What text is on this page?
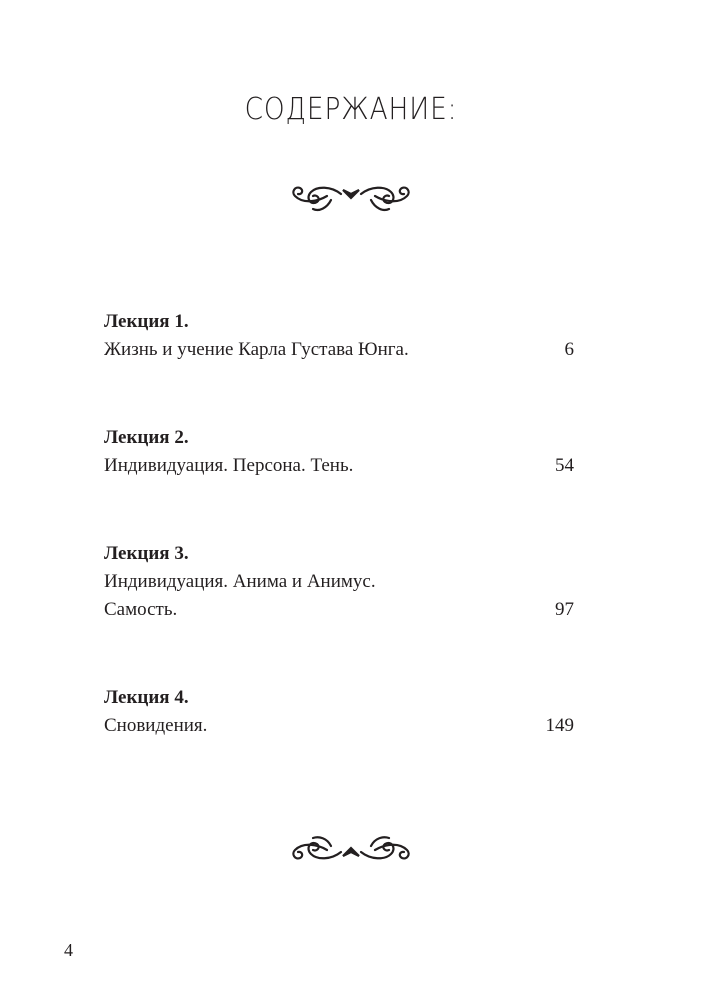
СОДЕРЖАНИЕ:
Лекция 1.
Жизнь и учение Карла Густава Юнга.	6
Лекция 2.
Индивидуация. Персона. Тень.	54
Лекция 3.
Индивидуация. Анима и Анимус.
Самость.	97
Лекция 4.
Сновидения.	149
4
